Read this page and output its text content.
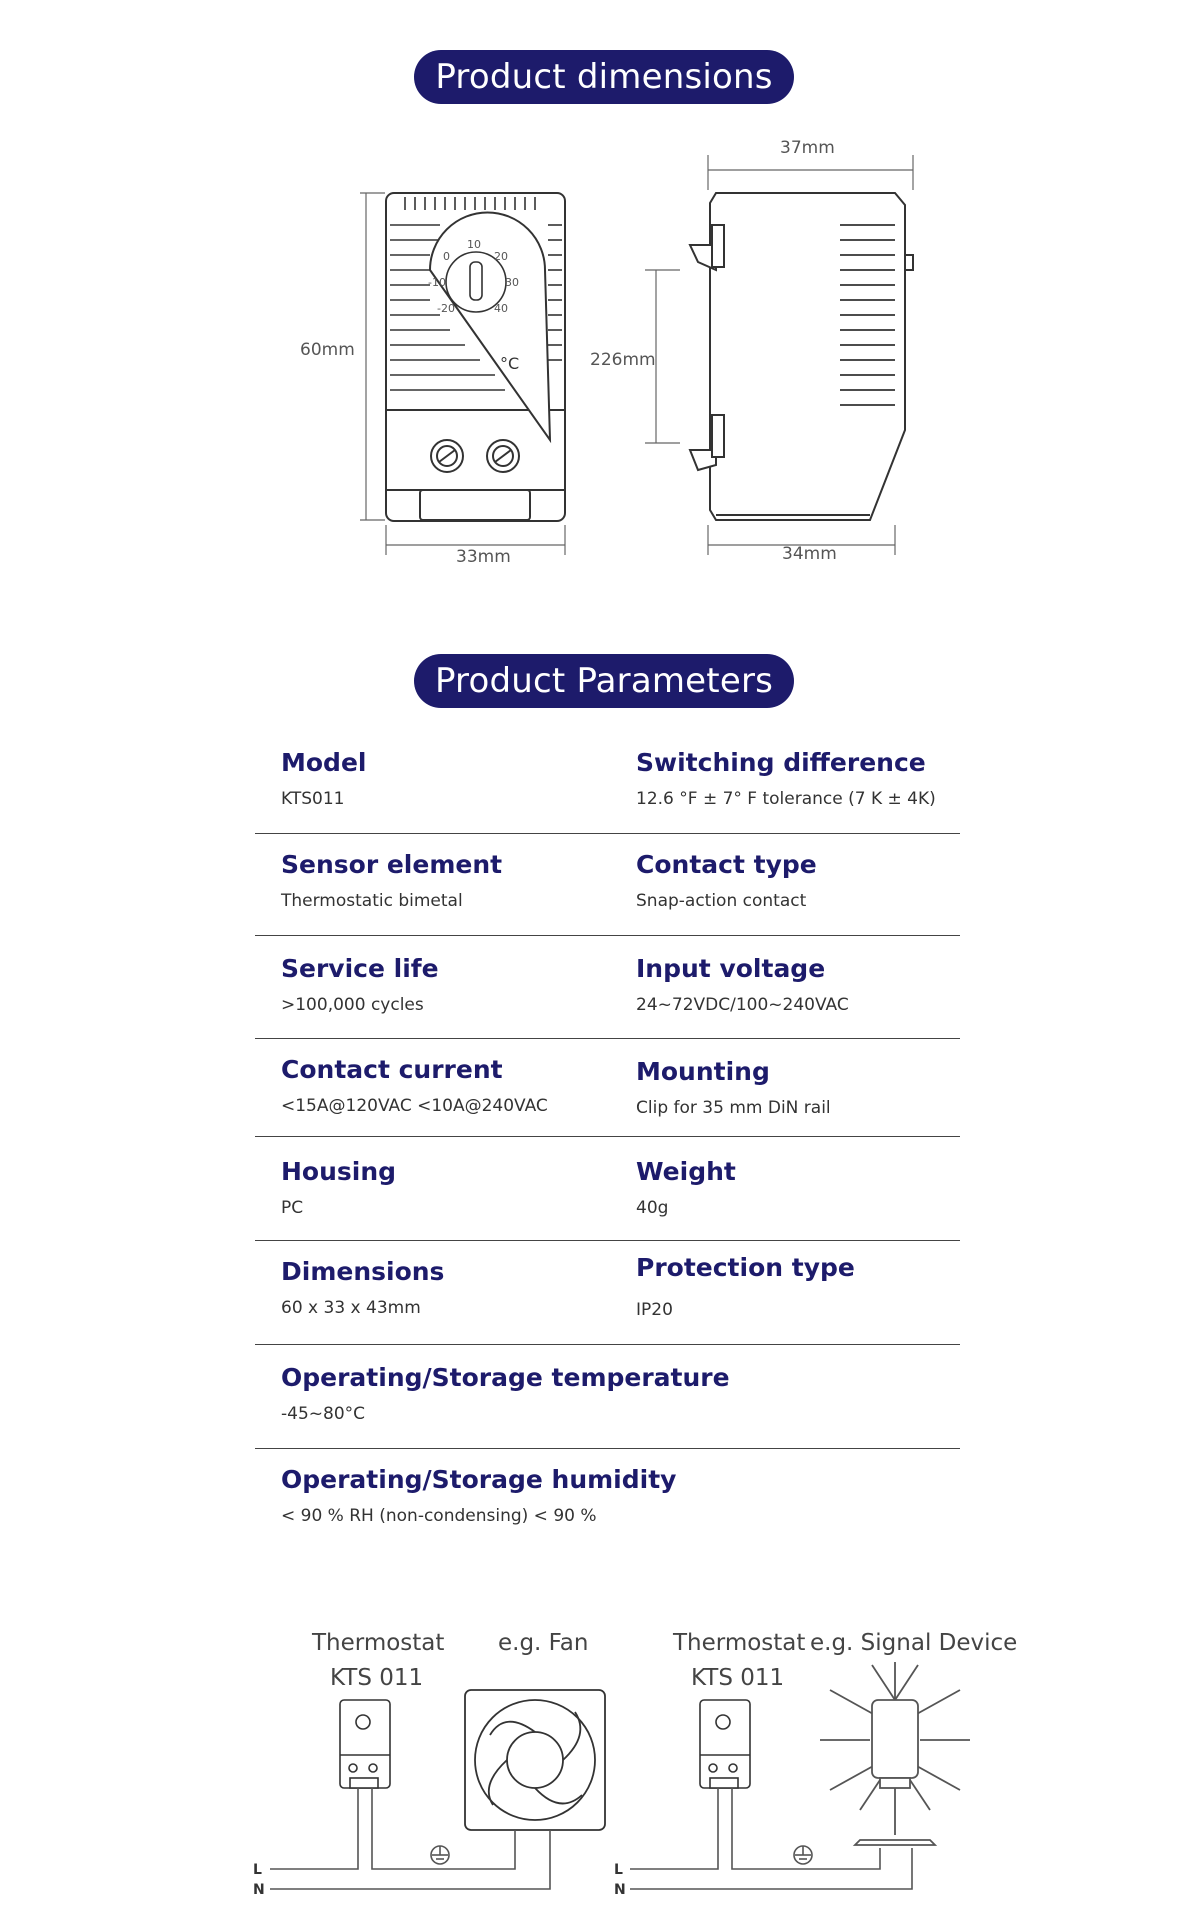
Product dimensions
10
20
30
40
0
-10
-20
°C
60mm
33mm
37mm
226mm
34mm
Product Parameters
Model
KTS011
Switching difference
12.6 °F ± 7° F tolerance (7 K ± 4K)
Sensor element
Thermostatic bimetal
Contact type
Snap-action contact
Service life
>100,000 cycles
Input voltage
24~72VDC/100~240VAC
Contact current
<15A@120VAC <10A@240VAC
Mounting
Clip for 35 mm DiN rail
Housing
PC
Weight
40g
Dimensions
60 x 33 x 43mm
Protection type
IP20
Operating/Storage temperature
-45~80°C
Operating/Storage humidity
< 90 % RH (non-condensing) < 90 %
Thermostat
KTS 011
e.g. Fan	Thermostat
KTS 011
e.g. Signal Device
L
N
L
N
